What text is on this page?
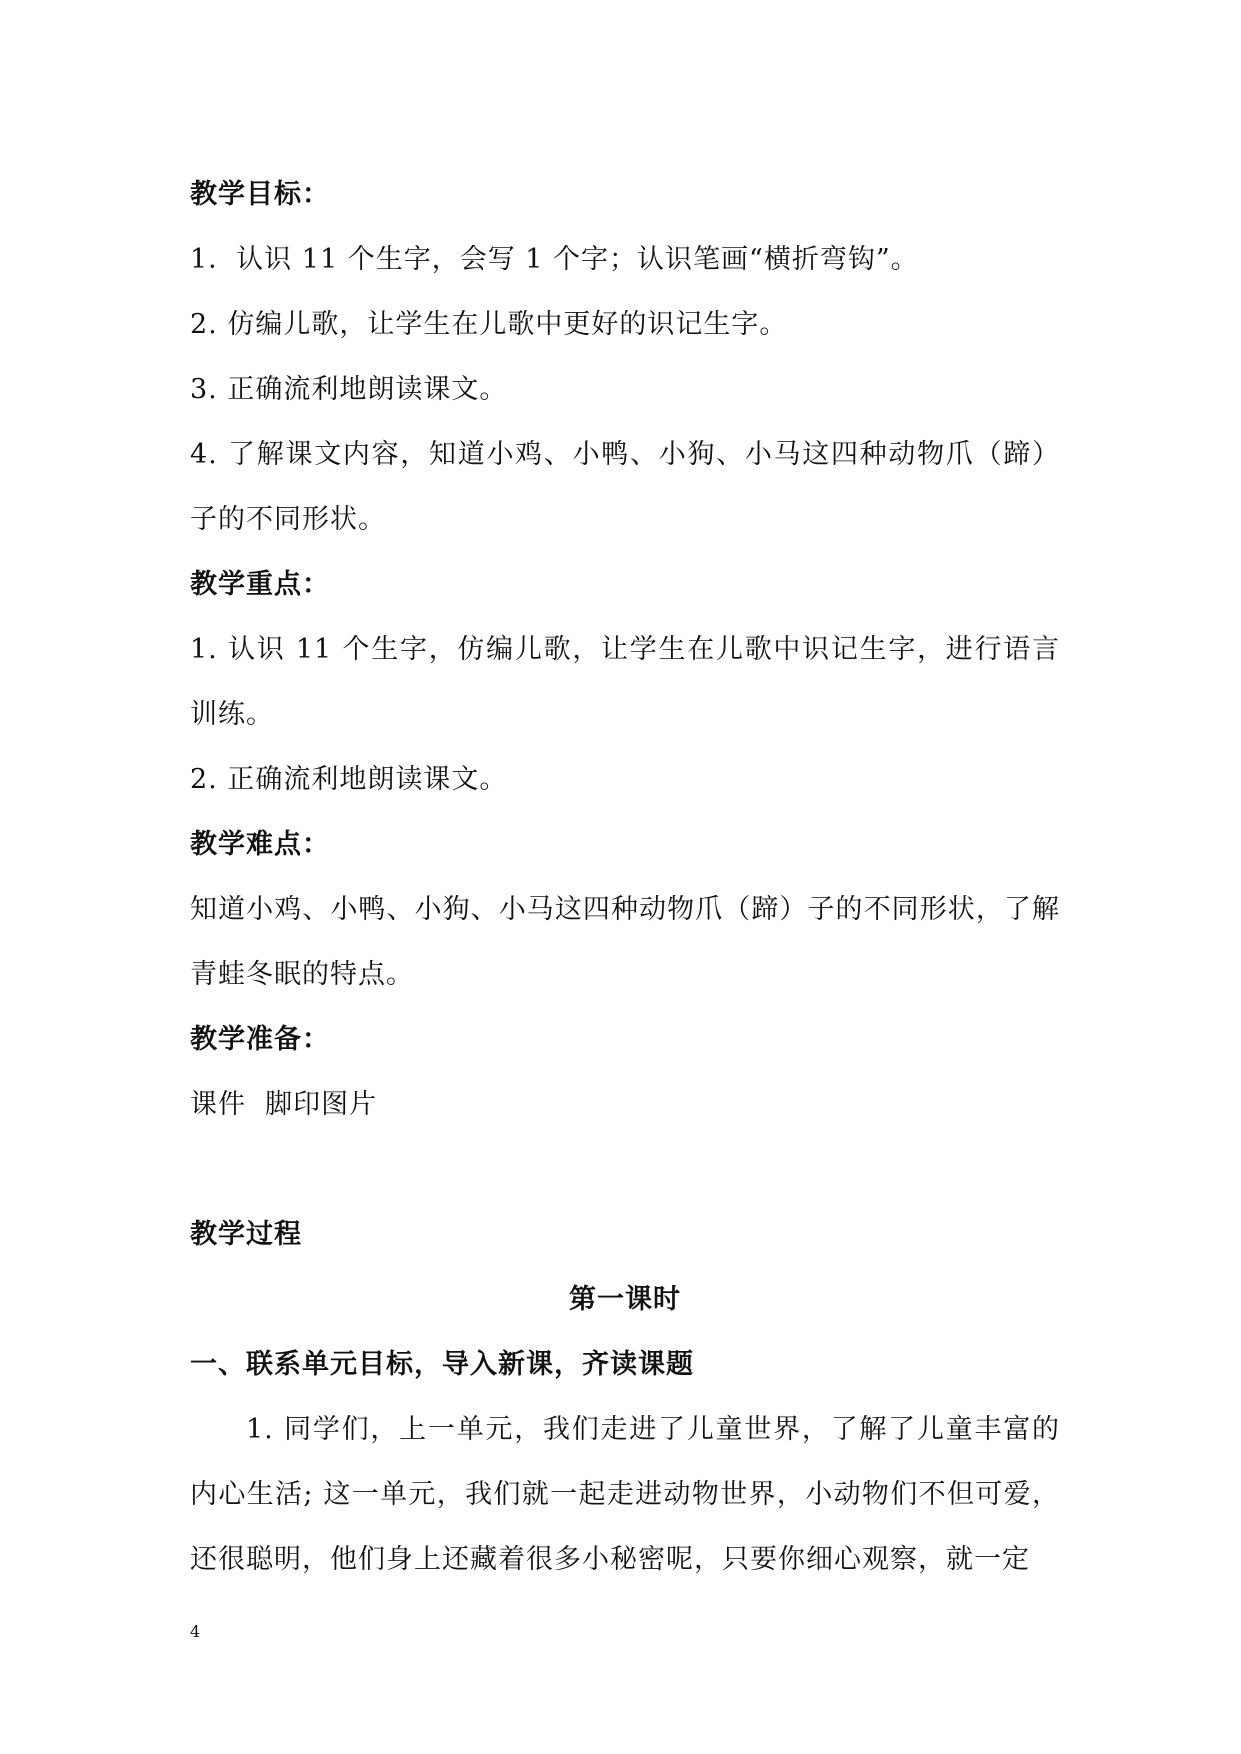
教学目标：
1．认识 11 个生字，会写 1 个字；认识笔画“横折弯钩”。
2. 仿编儿歌，让学生在儿歌中更好的识记生字。
3. 正确流利地朗读课文。
4. 了解课文内容，知道小鸡、小鸭、小狗、小马这四种动物爪（蹄）子的不同形状。
教学重点：
1. 认识 11 个生字，仿编儿歌，让学生在儿歌中识记生字，进行语言训练。
2. 正确流利地朗读课文。
教学难点：
知道小鸡、小鸭、小狗、小马这四种动物爪（蹄）子的不同形状，了解青蛙冬眠的特点。
教学准备：
课件  脚印图片
教学过程
第一课时
一、联系单元目标，导入新课，齐读课题
1. 同学们，上一单元，我们走进了儿童世界，了解了儿童丰富的内心生活; 这一单元，我们就一起走进动物世界，小动物们不但可爱，还很聪明，他们身上还藏着很多小秘密呢，只要你细心观察，就一定
4
